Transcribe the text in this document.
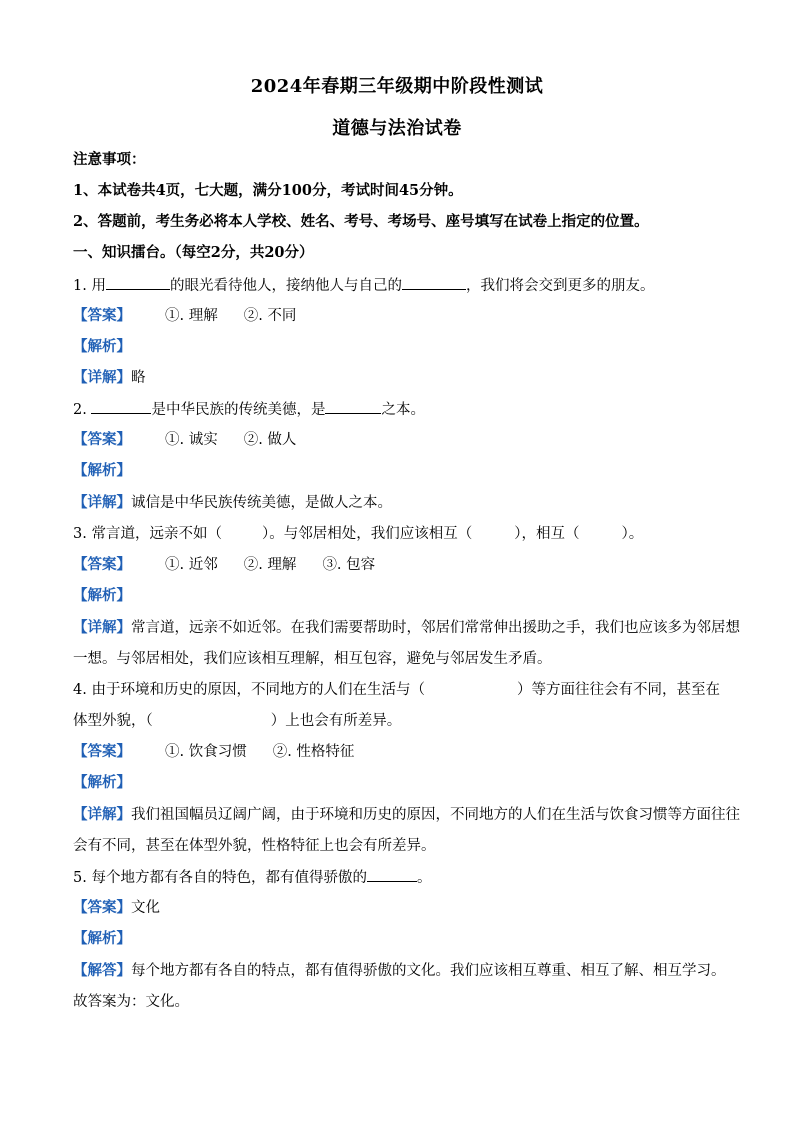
2024年春期三年级期中阶段性测试
道德与法治试卷
注意事项：
1、本试卷共4页，七大题，满分100分，考试时间45分钟。
2、答题前，考生务必将本人学校、姓名、考号、考场号、座号填写在试卷上指定的位置。
一、知识擂台。（每空2分，共20分）
1. 用	的眼光看待他人，接纳他人与自己的	，我们将会交到更多的朋友。
【答案】 ①. 理解 ②. 不同
【解析】
【详解】略
2.	是中华民族的传统美德，是	之本。
【答案】 ①. 诚实 ②. 做人
【解析】
【详解】诚信是中华民族传统美德，是做人之本。
3. 常言道，远亲不如（	）。与邻居相处，我们应该相互（	），相互（	）。
【答案】 ①. 近邻 ②. 理解 ③. 包容
【解析】
【详解】常言道，远亲不如近邻。在我们需要帮助时，邻居们常常伸出援助之手，我们也应该多为邻居想
一想。与邻居相处，我们应该相互理解，相互包容，避免与邻居发生矛盾。
4. 由于环境和历史的原因，不同地方的人们在生活与（	）等方面往往会有不同，甚至在
体型外貌，（	）上也会有所差异。
【答案】 ①. 饮食习惯 ②. 性格特征
【解析】
【详解】我们祖国幅员辽阔广阔，由于环境和历史的原因，不同地方的人们在生活与饮食习惯等方面往往
会有不同，甚至在体型外貌，性格特征上也会有所差异。
5. 每个地方都有各自的特色，都有值得骄傲的	。
【答案】文化
【解析】
【解答】每个地方都有各自的特点，都有值得骄傲的文化。我们应该相互尊重、相互了解、相互学习。
故答案为：文化。
